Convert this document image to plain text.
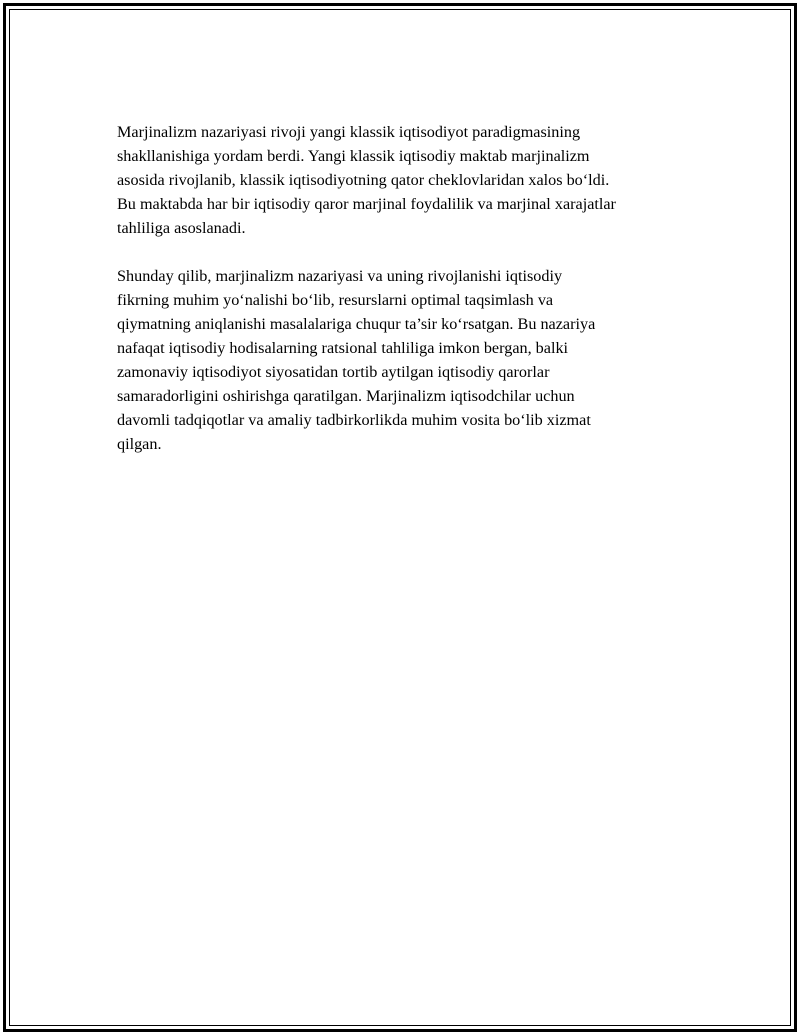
Marjinalizm nazariyasi rivoji yangi klassik iqtisodiyot paradigmasining
shakllanishiga yordam berdi. Yangi klassik iqtisodiy maktab marjinalizm
asosida rivojlanib, klassik iqtisodiyotning qator cheklovlaridan xalos bo‘ldi.
Bu maktabda har bir iqtisodiy qaror marjinal foydalilik va marjinal xarajatlar
tahliliga asoslanadi.

Shunday qilib, marjinalizm nazariyasi va uning rivojlanishi iqtisodiy
fikrning muhim yo‘nalishi bo‘lib, resurslarni optimal taqsimlash va
qiymatning aniqlanishi masalalariga chuqur ta’sir ko‘rsatgan. Bu nazariya
nafaqat iqtisodiy hodisalarning ratsional tahliliga imkon bergan, balki
zamonaviy iqtisodiyot siyosatidan tortib aytilgan iqtisodiy qarorlar
samaradorligini oshirishga qaratilgan. Marjinalizm iqtisodchilar uchun
davomli tadqiqotlar va amaliy tadbirkorlikda muhim vosita bo‘lib xizmat
qilgan.
